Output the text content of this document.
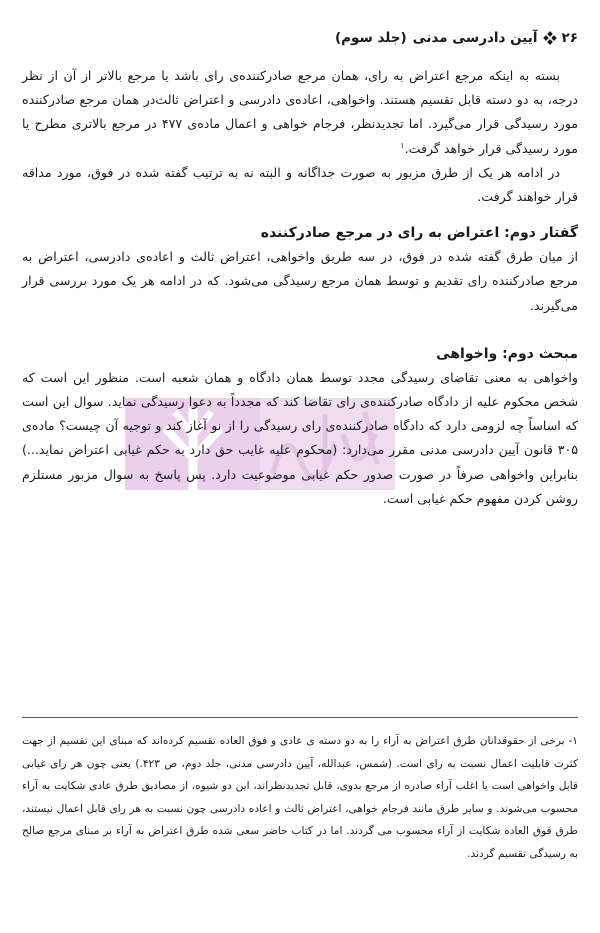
۲۶
آیین دادرسی مدنی
(جلد سوم)

بسته به اینکه مرجع اعتراض به رای، همان مرجع صادرکننده‌ی رای باشد یا مرجع بالاتر از آن از نظر درجه، به دو دسته قابل تقسیم هستند. واخواهی، اعاده‌ی دادرسی و اعتراض ثالث‌در همان مرجع صادرکننده مورد رسیدگی قرار می‌گیرد. اما تجدیدنظر، فرجام خواهی و اعمال ماده‌ی ۴۷۷ در مرجع بالاتری مطرح یا مورد رسیدگی قرار خواهد گرفت.$^۱$

در ادامه هر یک از طرق مزبور به صورت جداگانه و البته نه به ترتیب گفته شده در فوق، مورد مداقه قرار خواهند گرفت.

گفتار دوم: اعتراض به رای در مرجع صادرکننده

از میان طرق گفته شده در فوق، در سه طریق واخواهی، اعتراض ثالث و اعاده‌ی دادرسی، اعتراض به مرجع صادرکننده رای تقدیم و توسط همان مرجع رسیدگی می‌شود. که در ادامه هر یک مورد بررسی قرار می‌گیرند.

مبحث دوم: واخواهی

واخواهی به معنی تقاضای رسیدگی مجدد توسط همان دادگاه و همان شعبه است. منظور این است که شخص محکوم علیه از دادگاه صادرکننده‌ی رای تقاضا کند که مجدداً به دعوا رسیدگی نماید. سوال این است که اساساً چه لزومی دارد که دادگاه صادرکننده‌ی رای رسیدگی را از نو آغاز کند و توجیه آن چیست؟ ماده‌ی ۳۰۵ قانون آیین دادرسی مدنی مقرر می‌دارد: (محکوم علیه غایب حق دارد به حکم غیابی اعتراض نماید...) بنابراین واخواهی صرفاً در صورت صدور حکم غیابی موضوعیت دارد. پس پاسخ به سوال مزبور مستلزم روشن کردن مفهوم حکم غیابی است.

۱- برخی از حقوقدانان طرق اعتراض به آراء را به دو دسته ی عادی و فوق العاده تقسیم کرده‌اند که مبنای این تقسیم از جهت کثرت قابلیت اعمال نسبت به رای است. (شمس، عبدالله، آیین دادرسی مدنی، جلد دوم، ص ۴۲۳.) یعنی چون هر رای غیابی قابل واخواهی است یا اغلب آراء صادره از مرجع بدوی، قابل تجدیدنظراند، این دو شیوه، از مصادیق طرق عادی شکایت به آراء محسوب می‌شوند. و سایر طرق مانند فرجام خواهی، اعتراض ثالث و اعاده دادرسی چون نسبت به هر رای قابل اعمال نیستند، طرق فوق العاده شکایت از آراء محسوب می گردند. اما در کتاب حاضر سعی شده طرق اعتراض به آراء بر مبنای مرجع صالح به رسیدگی تقسیم گردند.
